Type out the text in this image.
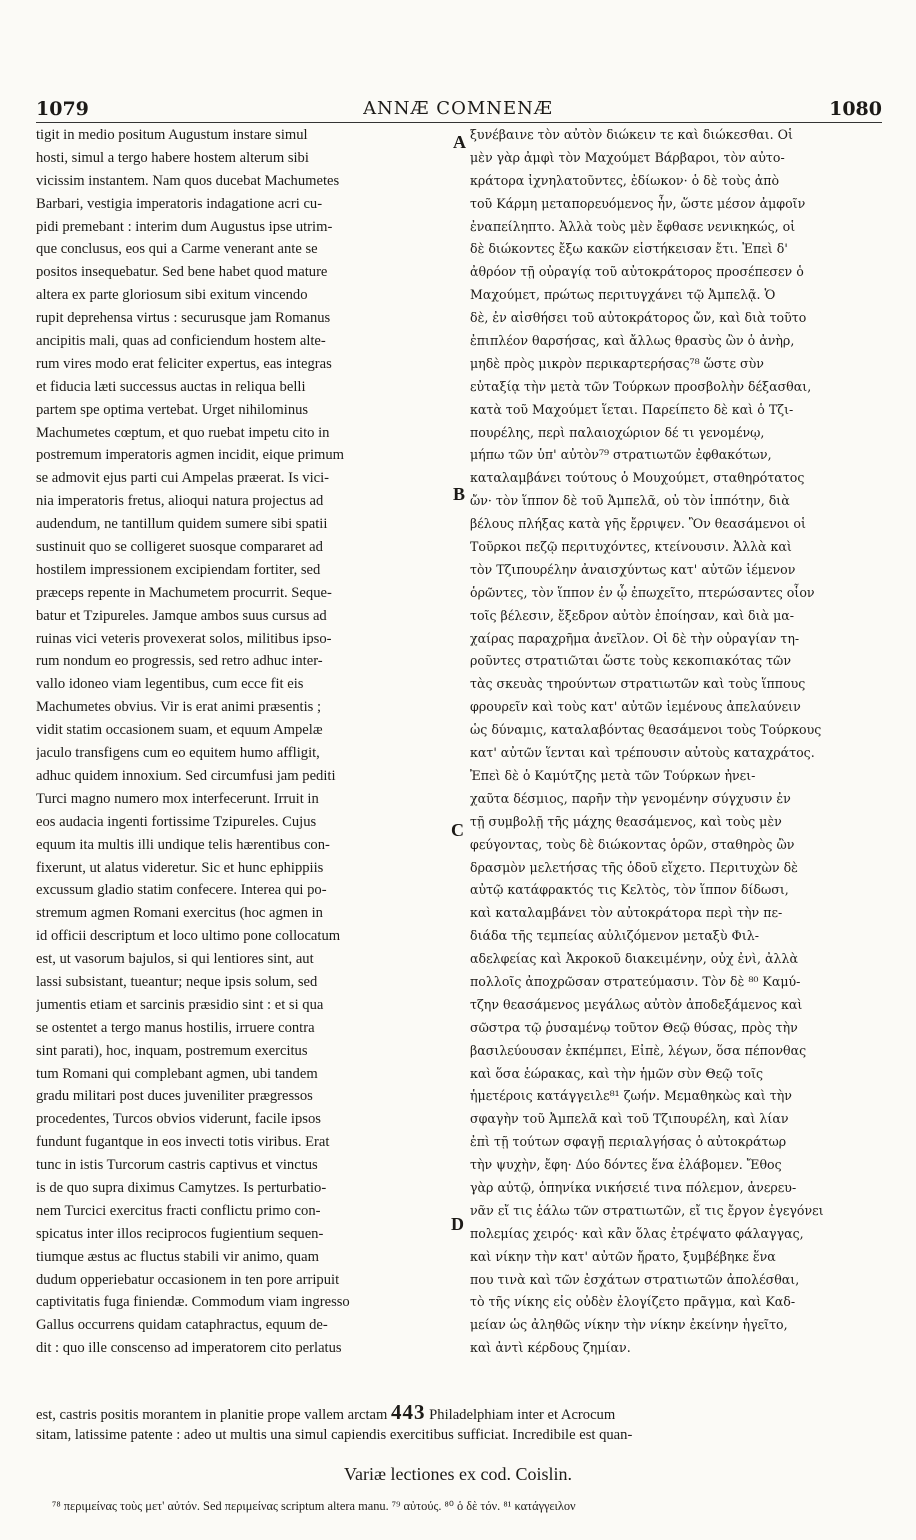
1079	ANNÆ COMNENÆ	1080
tigit in medio positum Augustum instare simul
hosti, simul a tergo habere hostem alterum sibi
vicissim instantem. Nam quos ducebat Machumetes
Barbari, vestigia imperatoris indagatione acri cu-
pidi premebant : interim dum Augustus ipse utrim-
que conclusus, eos qui a Carme venerant ante se
positos insequebatur. Sed bene habet quod mature
altera ex parte gloriosum sibi exitum vincendo
rupit deprehensa virtus : securusque jam Romanus
ancipitis mali, quas ad conficiendum hostem alte-
rum vires modo erat feliciter expertus, eas integras
et fiducia læti successus auctas in reliqua belli
partem spe optima vertebat. Urget nihilominus
Machumetes cœptum, et quo ruebat impetu cito in
postremum imperatoris agmen incidit, eique primum
se admovit ejus parti cui Ampelas præerat. Is vici-
nia imperatoris fretus, alioqui natura projectus ad
audendum, ne tantillum quidem sumere sibi spatii
sustinuit quo se colligeret suosque compararet ad
hostilem impressionem excipiendam fortiter, sed
præceps repente in Machumetem procurrit. Seque-
batur et Tzipureles. Jamque ambos suus cursus ad
ruinas vici veteris provexerat solos, militibus ipso-
rum nondum eo progressis, sed retro adhuc inter-
vallo idoneo viam legentibus, cum ecce fit eis
Machumetes obvius. Vir is erat animi præsentis ;
vidit statim occasionem suam, et equum Ampelæ
jaculo transfigens cum eo equitem humo affligit,
adhuc quidem innoxium. Sed circumfusi jam pediti
Turci magno numero mox interfecerunt. Irruit in
eos audacia ingenti fortissime Tzipureles. Cujus
equum ita multis illi undique telis hærentibus con-
fixerunt, ut alatus videretur. Sic et hunc ephippiis
excussum gladio statim confecere. Interea qui po-
stremum agmen Romani exercitus (hoc agmen in
id officii descriptum et loco ultimo pone collocatum
est, ut vasorum bajulos, si qui lentiores sint, aut
lassi subsistant, tueantur; neque ipsis solum, sed
jumentis etiam et sarcinis præsidio sint : et si qua
se ostentet a tergo manus hostilis, irruere contra
sint parati), hoc, inquam, postremum exercitus
tum Romani qui complebant agmen, ubi tandem
gradu militari post duces juveniliter prægressos
procedentes, Turcos obvios viderunt, facile ipsos
fundunt fugantque in eos invecti totis viribus. Erat
tunc in istis Turcorum castris captivus et vinctus
is de quo supra diximus Camytzes. Is perturbatio-
nem Turcici exercitus fracti conflictu primo con-
spicatus inter illos reciprocos fugientium sequen-
tiumque æstus ac fluctus stabili vir animo, quam
dudum opperiebatur occasionem in ten pore arripuit
captivitatis fuga finiendæ. Commodum viam ingresso
Gallus occurrens quidam cataphractus, equum de-
dit : quo ille conscenso ad imperatorem cito perlatus
ξυνέβαινε τὸν αὐτὸν διώκειν τε καὶ διώκεσθαι. Οἱ
μὲν γὰρ ἀμφὶ τὸν Μαχούμετ Βάρβαροι, τὸν αὐτο-
κράτορα ἰχνηλατοῦντες, ἐδίωκον· ὁ δὲ τοὺς ἀπὸ
τοῦ Κάρμη μεταπορευόμενος ἦν, ὥστε μέσον ἀμφοῖν
ἐναπείληπτο. Ἀλλὰ τοὺς μὲν ἔφθασε νενικηκώς, οἱ
δὲ διώκοντες ἔξω κακῶν εἱστήκεισαν ἔτι. Ἐπεὶ δ'
ἀθρόον τῇ οὐραγίᾳ τοῦ αὐτοκράτορος προσέπεσεν ὁ
Μαχούμετ, πρώτως περιτυγχάνει τῷ Ἀμπελᾷ. Ὁ
δὲ, ἐν αἰσθήσει τοῦ αὐτοκράτορος ὤν, καὶ διὰ τοῦτο
ἐπιπλέον θαρσήσας, καὶ ἄλλως θρασὺς ὢν ὁ ἀνὴρ,
μηδὲ πρὸς μικρὸν περικαρτερήσας⁷⁸ ὥστε σὺν
εὐταξίᾳ τὴν μετὰ τῶν Τούρκων προσβολὴν δέξασθαι,
κατὰ τοῦ Μαχούμετ ἵεται. Παρείπετο δὲ καὶ ὁ Τζι-
πουρέλης, περὶ παλαιοχώριον δέ τι γενομένῳ,
μήπω τῶν ὑπ' αὐτὸν⁷⁹ στρατιωτῶν ἐφθακότων,
καταλαμβάνει τούτους ὁ Μουχούμετ, σταθηρότατος
ὤν· τὸν ἵππον δὲ τοῦ Ἀμπελᾶ, οὐ τὸν ἱππότην, διὰ
βέλους πλήξας κατὰ γῆς ἔρριψεν. Ὃν θεασάμενοι οἱ
Τοῦρκοι πεζῷ περιτυχόντες, κτείνουσιν. Ἀλλὰ καὶ
τὸν Τζιπουρέλην ἀναισχύντως κατ' αὐτῶν ἱέμενον
ὁρῶντες, τὸν ἵππον ἐν ᾧ ἐπωχεῖτο, πτερώσαντες οἷον
τοῖς βέλεσιν, ἔξεδρον αὐτὸν ἐποίησαν, καὶ διὰ μα-
χαίρας παραχρῆμα ἀνεῖλον. Οἱ δὲ τὴν οὐραγίαν τη-
ροῦντες στρατιῶται ὥστε τοὺς κεκοπιακότας τῶν
τὰς σκευὰς τηρούντων στρατιωτῶν καὶ τοὺς ἵππους
φρουρεῖν καὶ τοὺς κατ' αὐτῶν ἱεμένους ἀπελαύνειν
ὡς δύναμις, καταλαβόντας θεασάμενοι τοὺς Τούρκους
κατ' αὐτῶν ἵενται καὶ τρέπουσιν αὐτοὺς καταχράτος.
Ἐπεὶ δὲ ὁ Καμύτζης μετὰ τῶν Τούρκων ἠνει-
χαῦτα δέσμιος, παρῆν τὴν γενομένην σύγχυσιν ἐν
τῇ συμβολῇ τῆς μάχης θεασάμενος, καὶ τοὺς μὲν
φεύγοντας, τοὺς δὲ διώκοντας ὁρῶν, σταθηρὸς ὢν
δρασμὸν μελετήσας τῆς ὁδοῦ εἴχετο. Περιτυχὼν δὲ
αὐτῷ κατάφρακτός τις Κελτὸς, τὸν ἵππον δίδωσι,
καὶ καταλαμβάνει τὸν αὐτοκράτορα περὶ τὴν πε-
διάδα τῆς τεμπείας αὐλιζόμενον μεταξὺ Φιλ-
αδελφείας καὶ Ἀκροκοῦ διακειμένην, οὐχ ἐνὶ, ἀλλὰ
πολλοῖς ἀποχρῶσαν στρατεύμασιν. Τὸν δὲ ⁸⁰ Καμύ-
τζην θεασάμενος μεγάλως αὐτὸν ἀποδεξάμενος καὶ
σῶστρα τῷ ῥυσαμένῳ τοῦτον Θεῷ θύσας, πρὸς τὴν
βασιλεύουσαν ἐκπέμπει, Εἰπὲ, λέγων, ὅσα πέπονθας
καὶ ὅσα ἑώρακας, καὶ τὴν ἡμῶν σὺν Θεῷ τοῖς
ἡμετέροις κατάγγειλε⁸¹ ζωήν. Μεμαθηκὼς καὶ τὴν
σφαγὴν τοῦ Ἀμπελᾶ καὶ τοῦ Τζιπουρέλη, καὶ λίαν
ἐπὶ τῇ τούτων σφαγῇ περιαλγήσας ὁ αὐτοκράτωρ
τὴν ψυχὴν, ἔφη· Δύο δόντες ἕνα ἐλάβομεν. Ἔθος
γὰρ αὐτῷ, ὁπηνίκα νικήσειέ τινα πόλεμον, ἀνερευ-
νᾶν εἴ τις ἑάλω τῶν στρατιωτῶν, εἴ τις ἔργον ἐγεγόνει
πολεμίας χειρός· καὶ κἂν ὅλας ἐτρέψατο φάλαγγας,
καὶ νίκην τὴν κατ' αὐτῶν ἤρατο, ξυμβέβηκε ἕνα
που τινὰ καὶ τῶν ἐσχάτων στρατιωτῶν ἀπολέσθαι,
τὸ τῆς νίκης εἰς οὐδὲν ἐλογίζετο πρᾶγμα, καὶ Καδ-
μείαν ὡς ἀληθῶς νίκην τὴν νίκην ἐκείνην ἡγεῖτο,
καὶ ἀντὶ κέρδους ζημίαν.
A
B
C
D
est, castris positis morantem in planitie prope vallem arctam 443 Philadelphiam inter et Acrocum
sitam, latissime patente : adeo ut multis una simul capiendis exercitibus sufficiat. Incredibile est quan-
Variæ lectiones ex cod. Coislin.
⁷⁸ περιμείνας τοὺς μετ' αὐτόν. Sed περιμείνας scriptum altera manu. ⁷⁹ αὐτούς. ⁸⁰ ὁ δὲ τόν. ⁸¹ κατάγγειλον
